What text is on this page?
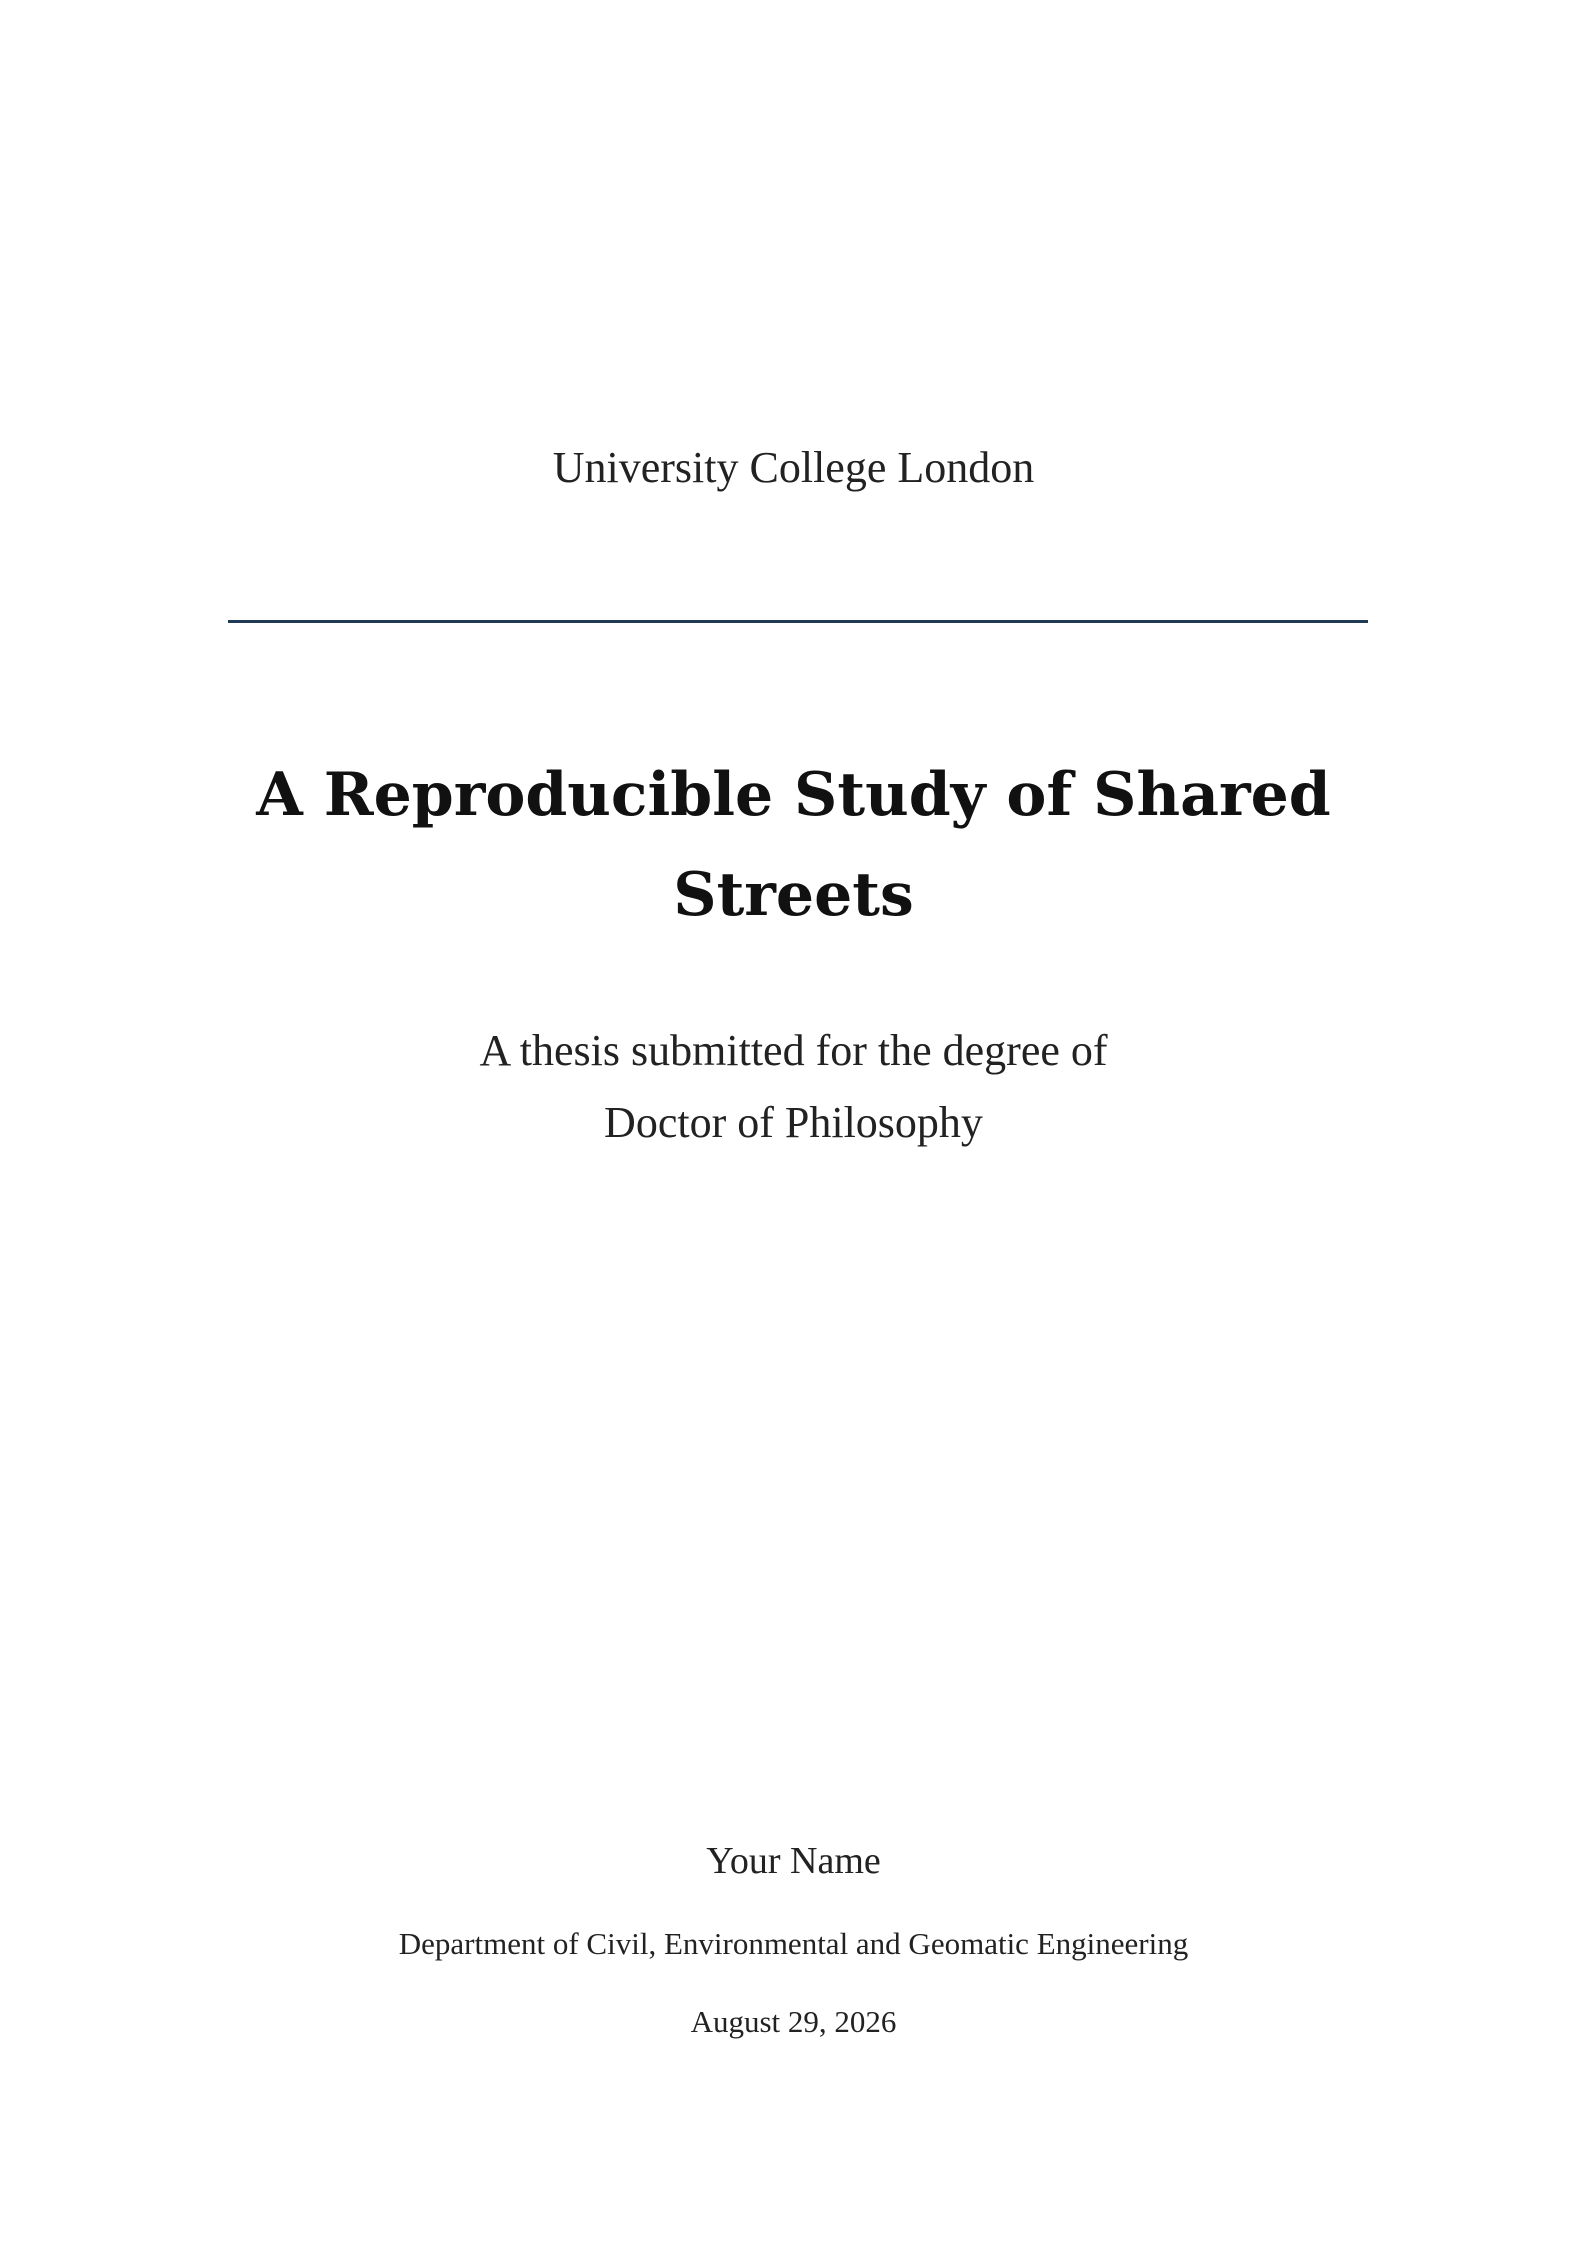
University College London
A Reproducible Study of Shared
Streets
A thesis submitted for the degree of
Doctor of Philosophy
Your Name
Department of Civil, Environmental and Geomatic Engineering
August 29, 2026
